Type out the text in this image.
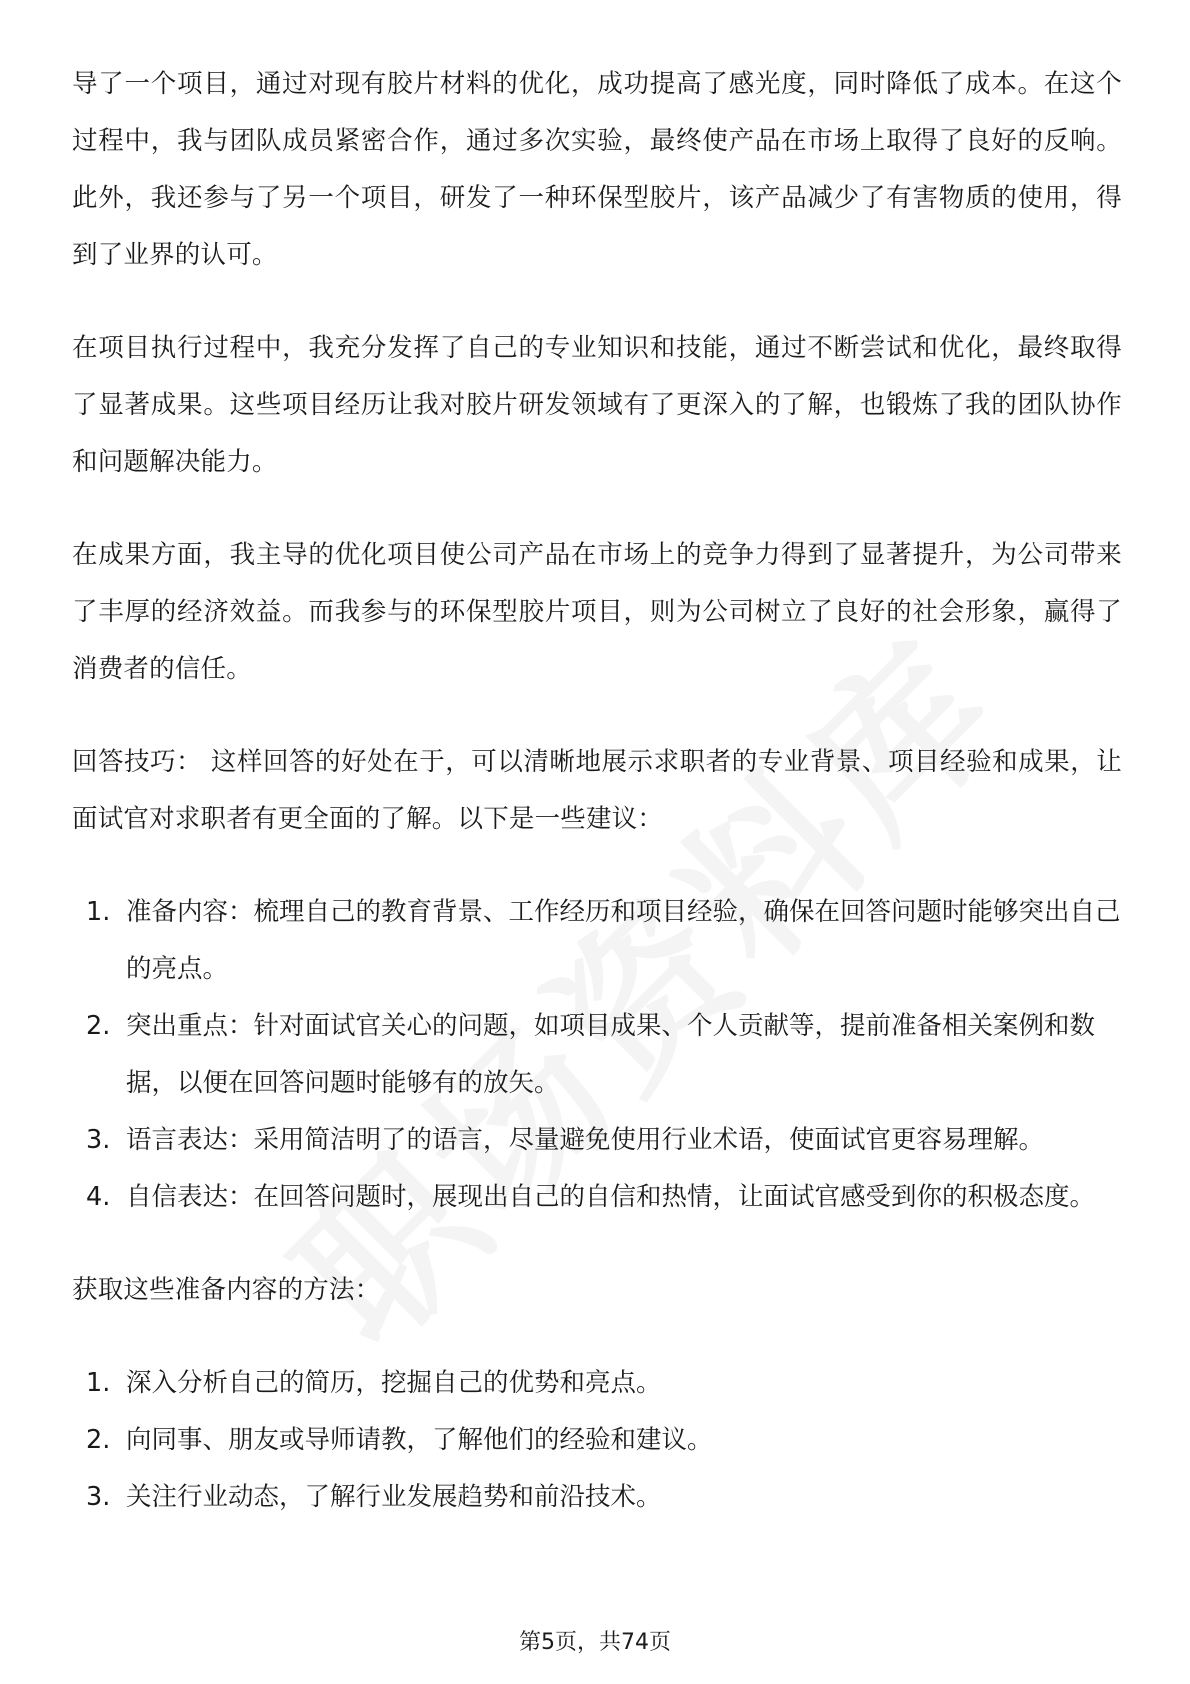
导了一个项目，通过对现有胶片材料的优化，成功提高了感光度，同时降低了成本。在这个过程中，我与团队成员紧密合作，通过多次实验，最终使产品在市场上取得了良好的反响。此外，我还参与了另一个项目，研发了一种环保型胶片，该产品减少了有害物质的使用，得到了业界的认可。

在项目执行过程中，我充分发挥了自己的专业知识和技能，通过不断尝试和优化，最终取得了显著成果。这些项目经历让我对胶片研发领域有了更深入的了解，也锻炼了我的团队协作和问题解决能力。

在成果方面，我主导的优化项目使公司产品在市场上的竞争力得到了显著提升，为公司带来了丰厚的经济效益。而我参与的环保型胶片项目，则为公司树立了良好的社会形象，赢得了消费者的信任。

回答技巧： 这样回答的好处在于，可以清晰地展示求职者的专业背景、项目经验和成果，让面试官对求职者有更全面的了解。以下是一些建议：

1. 准备内容：梳理自己的教育背景、工作经历和项目经验，确保在回答问题时能够突出自己的亮点。
2. 突出重点：针对面试官关心的问题，如项目成果、个人贡献等，提前准备相关案例和数据，以便在回答问题时能够有的放矢。
3. 语言表达：采用简洁明了的语言，尽量避免使用行业术语，使面试官更容易理解。
4. 自信表达：在回答问题时，展现出自己的自信和热情，让面试官感受到你的积极态度。

获取这些准备内容的方法：

1. 深入分析自己的简历，挖掘自己的优势和亮点。
2. 向同事、朋友或导师请教，了解他们的经验和建议。
3. 关注行业动态，了解行业发展趋势和前沿技术。
第5页，共74页
